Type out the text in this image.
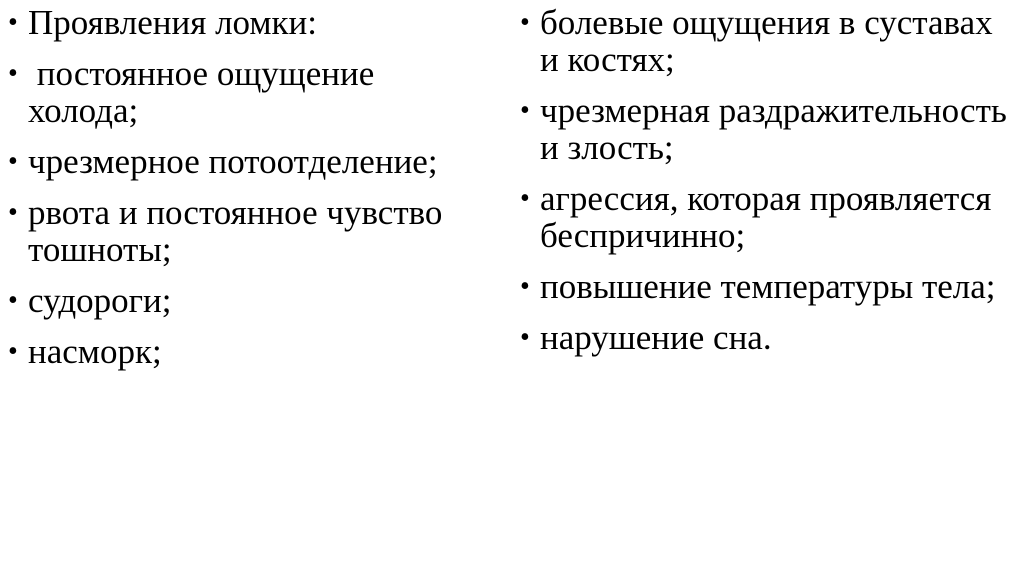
• Проявления ломки:
• постоянное ощущение холода;
• чрезмерное потоотделение;
• рвота и постоянное чувство тошноты;
• судороги;
• насморк;
• болевые ощущения в суставах и костях;
• чрезмерная раздражительность и злость;
• агрессия, которая проявляется беспричинно;
• повышение температуры тела;
• нарушение сна.
